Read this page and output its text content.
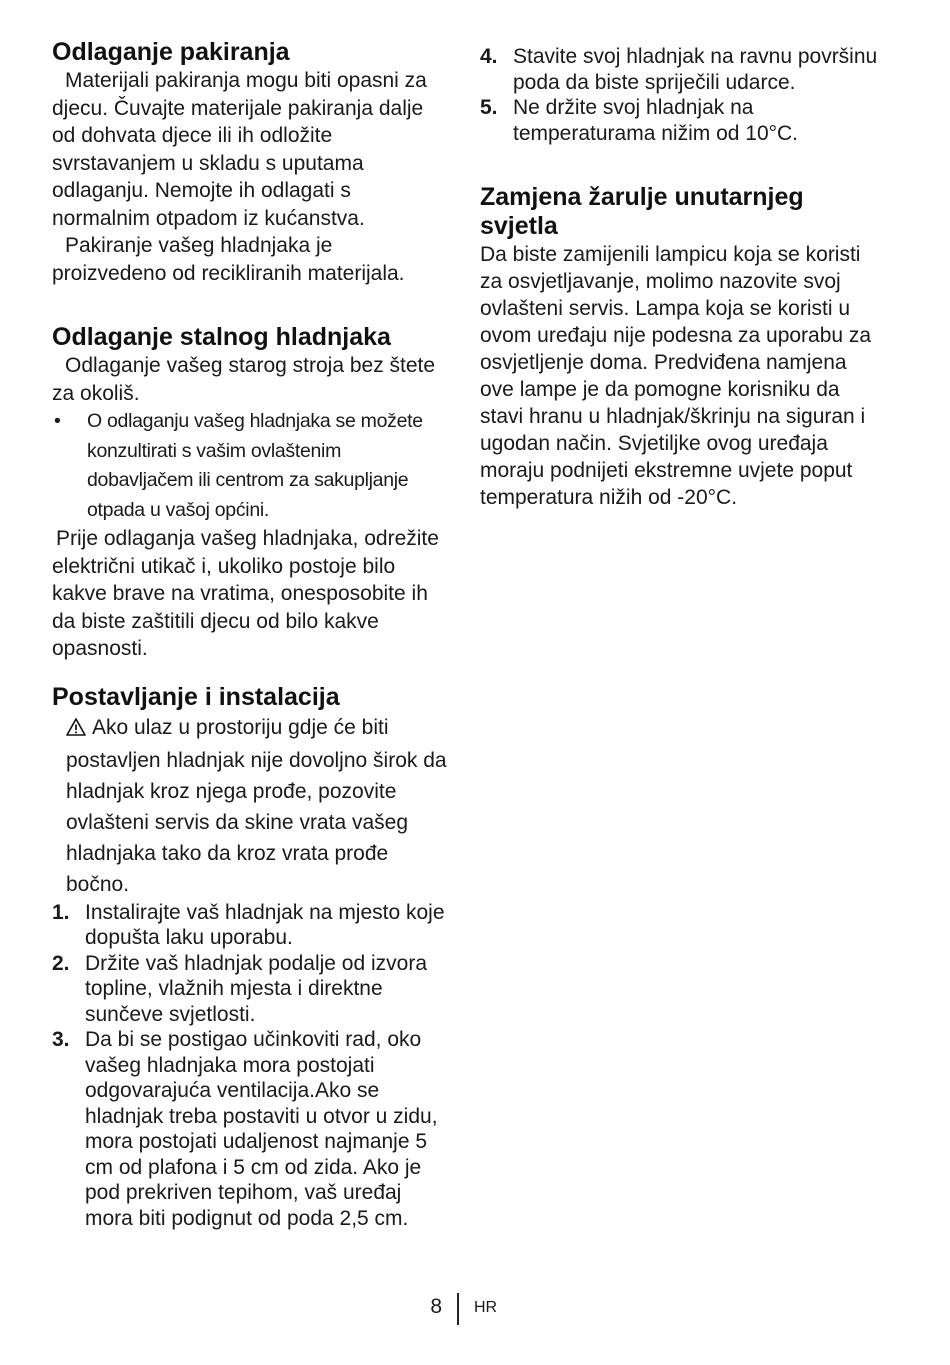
Odlaganje pakiranja

Materijali pakiranja mogu biti opasni za djecu. Čuvajte materijale pakiranja dalje od dohvata djece ili ih odložite svrstavanjem u skladu s uputama odlaganju. Nemojte ih odlagati s normalnim otpadom iz kućanstva.

Pakiranje vašeg hladnjaka je proizvedeno od recikliranih materijala.

Odlaganje stalnog hladnjaka

Odlaganje vašeg starog stroja bez štete za okoliš.

•	O odlaganju vašeg hladnjaka se možete konzultirati s vašim ovlaštenim dobavljačem ili centrom za sakupljanje otpada u vašoj općini.

Prije odlaganja vašeg hladnjaka, odrežite električni utikač i, ukoliko postoje bilo kakve brave na vratima, onesposobite ih da biste zaštitili djecu od bilo kakve opasnosti.

Postavljanje i instalacija

Ako ulaz u prostoriju gdje će biti postavljen hladnjak nije dovoljno širok da hladnjak kroz njega prođe, pozovite ovlašteni servis da skine vrata vašeg hladnjaka tako da kroz vrata prođe bočno.

1. Instalirajte vaš hladnjak na mjesto koje dopušta laku uporabu.
2. Držite vaš hladnjak podalje od izvora topline, vlažnih mjesta i direktne sunčeve svjetlosti.
3. Da bi se postigao učinkoviti rad, oko vašeg hladnjaka mora postojati odgovarajuća ventilacija.Ako se hladnjak treba postaviti u otvor u zidu, mora postojati udaljenost najmanje 5 cm od plafona i 5 cm od zida. Ako je pod prekriven tepihom, vaš uređaj mora biti podignut od poda 2,5 cm.
4. Stavite svoj hladnjak na ravnu površinu poda da biste spriječili udarce.
5. Ne držite svoj hladnjak na temperaturama nižim od 10°C.
Zamjena žarulje unutarnjeg svjetla

Da biste zamijenili lampicu koja se koristi za osvjetljavanje, molimo nazovite svoj ovlašteni servis. Lampa koja se koristi u ovom uređaju nije podesna za uporabu za osvjetljenje doma. Predviđena namjena ove lampe je da pomogne korisniku da stavi hranu u hladnjak/škrinju na siguran i ugodan način. Svjetiljke ovog uređaja moraju podnijeti ekstremne uvjete poput temperatura nižih od -20°C.

8 HR
